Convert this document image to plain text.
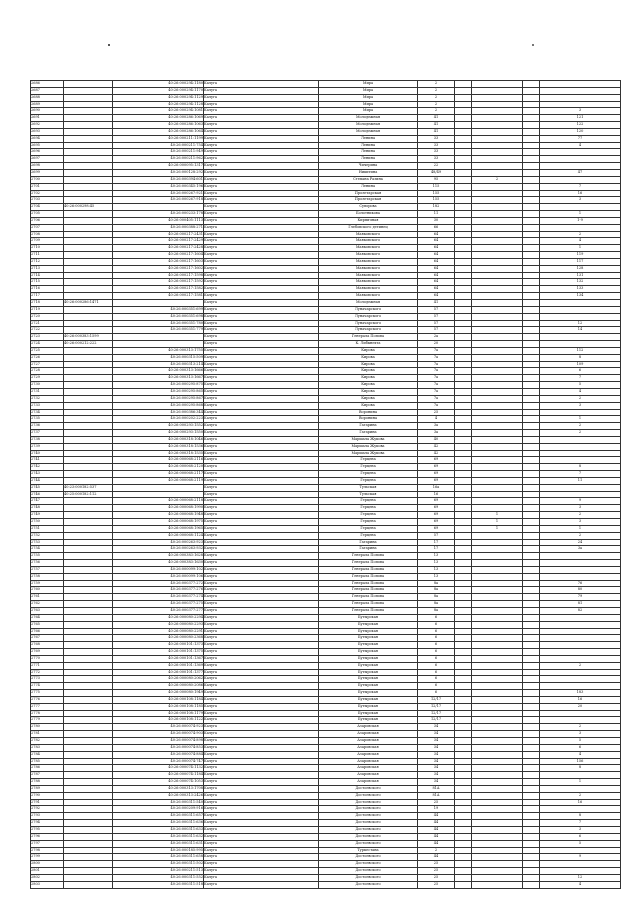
2686		40:26:000294:1180	Калуга	Мира	2				
2687		40:26:000294:1170	Калуга	Мира	2				
2688		40:26:000294:1129	Калуга	Мира	2				
2689		40:26:000294:1128	Калуга	Мира	2				
2690		40:26:000294:1081	Калуга	Мира	2				3
2691		40:26:000286:1069	Калуга	Молодежная	41				121
2692		40:26:000286:1063	Калуга	Молодежная	41				122
2693		40:26:000286:1064	Калуга	Молодежная	41				120
2694		40:26:000211:1199	Калуга	Ленина	33				77
2695		40:26:000211:754	Калуга	Ленина	33				4
2696		40:26:000211:949	Калуга	Ленина	33				
2697		40:26:000211:962	Калуга	Ленина	33				
2698		40:26:000095:1317	Калуга	Чичерина	22				
2699		40:26:000128:292	Калуга	Никитина	48/49				47
2700		40:26:000394:601	Калуга	Степана Разина	95		2		
2701		40:26:000345:196	Калуга	Ленина	115				7
2702		40:26:000267:921	Калуга	Пролетарская	155				16
2703		40:26:000267:918	Калуга	Пролетарская	155				3
2704	40:26:000298:45		Калуга	Суворова	182				
2705		40:26:000233:178	Калуга	Болотникова	11				1
2706		40:26:000405:1113	Калуга	Кирпичная	30				1-9
2707		40:26:000388:271	Калуга	Глебовского детинец	66				
2708		40:26:000217:2431	Калуга	Маяковского	64				2
2709		40:26:000217:2429	Калуга	Маяковского	64				4
2710		40:26:000217:2428	Калуга	Маяковского	64				1
2711		40:26:000217:1604	Калуга	Маяковского	64				119
2712		40:26:000217:1603	Калуга	Маяковского	64				117
2713		40:26:000217:1602	Калуга	Маяковского	64				128
2714		40:26:000217:1598	Калуга	Маяковского	64				131
2715		40:26:000217:1592	Калуга	Маяковского	64				132
2716		40:26:000217:1582	Калуга	Маяковского	64				133
2717		40:26:000217:1581	Калуга	Маяковского	64				134
2718	40:26:000286:1471		Калуга	Молодежная	41				
2719		40:26:000351:699	Калуга	Луначарского	57				
2720		40:26:000351:698	Калуга	Луначарского	57				
2721		40:26:000351:780	Калуга	Луначарского	57				12
2722		40:26:000351:779	Калуга	Луначарского	57				14
2723	40:26:000383:1599		Калуга	Генерала Попова	2а				
2724	40:26:000212:222		Калуга	К. Либкнехта	20				
2725		40:26:000313:1755	Калуга	Кирова	7а				112
2726		40:26:000315:509	Калуга	Кирова	7а				8
2727		40:26:000313:214	Калуга	Кирова	7а				109
2728		40:26:000313:1666	Калуга	Кирова	7а				6
2729		40:26:000313:1667	Калуга	Кирова	7а				7
2730		40:26:000295:875	Калуга	Кирова	7а				5
2731		40:26:000295:865	Калуга	Кирова	7а				4
2732		40:26:000295:867	Калуга	Кирова	7а				2
2733		40:26:000295:868	Калуга	Кирова	7а				3
2734		40:26:000386:344	Калуга	Воронина	25				
2735		40:26:000202:223	Калуга	Воронина	4				1
2736		40:26:000293:1552	Калуга	Гагарина	3а				2
2737		40:26:000293:1550	Калуга	Гагарина	3а				2
2738		40:26:000318:1046	Калуга	Маршала Жукова	40				
2739		40:26:000318:1536	Калуга	Маршала Жукова	42				
2740		40:26:000318:1535	Калуга	Маршала Жукова	42				
2741		40:26:000068:2116	Калуга	Герцена	69				
2742		40:26:000068:2120	Калуга	Герцена	69				8
2743		40:26:000068:2117	Калуга	Герцена	69				7
2744		40:26:000068:2119	Калуга	Герцена	69				11
2745	40:23:000182:537		Калуга	Тульская	16а				
2746	40:25:000182:112		Калуга	Тульская	16				
2747		40:26:000068:2118	Калуга	Герцена	69				9
2748		40:26:000068:1990	Калуга	Герцена	69				3
2749		40:26:000068:1948	Калуга	Герцена	69		1		2
2750		40:26:000068:1975	Калуга	Герцена	69		1		3
2751		40:26:000068:1965	Калуга	Герцена	69		1		1
2752		40:26:000068:1124	Калуга	Герцена	57				2
2753		40:26:000263:923	Калуга	Гагарина	17				24
2754		40:26:000263:932	Калуга	Гагарина	17				3а
2755		40:26:000383:1628	Калуга	Генерала Попова	13				
2756		40:26:000383:1630	Калуга	Генерала Попова	13				
2757		40:26:000099:102	Калуга	Генерала Попова	13				
2758		40:26:000099:106	Калуга	Генерала Попова	13				
2759		40:26:000377:272	Калуга	Генерала Попова	8а				76
2760		40:26:000377:276	Калуга	Генерала Попова	8а				80
2761		40:26:000377:274	Калуга	Генерала Попова	8а				79
2762		40:26:000377:275	Калуга	Генерала Попова	8а				81
2763		40:26:000377:277	Калуга	Генерала Попова	8а				82
2764		40:26:000080:2294	Калуга	Бутырская	6				
2765		40:26:000080:2293	Калуга	Бутырская	6				
2766		40:26:000080:2291	Калуга	Бутырская	6				
2767		40:26:000080:2368	Калуга	Бутырская	6				
2768		40:26:000101:1373	Калуга	Бутырская	6				
2769		40:26:000101:1375	Калуга	Бутырская	6				
2770		40:26:000101:1367	Калуга	Бутырская	6				
2771		40:26:000101:1369	Калуга	Бутырская	6				2
2772		40:26:000101:1377	Калуга	Бутырская	6				
2773		40:26:000080:2062	Калуга	Бутырская	6				
2774		40:26:000080:2086	Калуга	Бутырская	6				
2775		40:26:000080:1949	Калуга	Бутырская	6				183
2776		40:26:000108:1184	Калуга	Бутырская	12/17				16
2777		40:26:000108:1185	Калуга	Бутырская	12/17				20
2778		40:26:000108:1179	Калуга	Бутырская	12/17				
2779		40:26:000108:1122	Калуга	Бутырская	12/17				
2780		40:26:000074:923	Калуга	Азаровская	34				2
2781		40:26:000074:903	Калуга	Азаровская	34				3
2782		40:26:000074:898	Калуга	Азаровская	34				5
2783		40:26:000074:853	Калуга	Азаровская	34				6
2784		40:26:000074:884	Калуга	Азаровская	34				4
2785		40:26:000074:747	Калуга	Азаровская	34				156
2786		40:26:000074:1132	Калуга	Азаровская	34				8
2787		40:26:000074:1184	Калуга	Азаровская	34				
2788		40:26:000074:1053	Калуга	Азаровская	34				1
2789		40:26:000313:1708	Калуга	Достоевского	81А				
2790		40:26:000313:2426	Калуга	Достоевского	81А				2
2791		40:26:000311:540	Калуга	Достоевского	25				16
2792		40:26:000209:916	Калуга	Достоевского	19				
2793		40:26:000311:657	Калуга	Достоевского	44				8
2794		40:26:000311:636	Калуга	Достоевского	44				7
2795		40:26:000311:633	Калуга	Достоевского	44				3
2796		40:26:000311:632	Калуга	Достоевского	44				6
2797		40:26:000311:631	Калуга	Достоевского	44				5
2798		40:26:000185:995	Калуга	Туркестана	2				
2799		40:26:000311:658	Калуга	Достоевского	44				9
2800		40:26:000311:502	Калуга	Достоевского	25				
2801		40:26:000211:513	Калуга	Достоевского	25				
2802		40:26:000311:552	Калуга	Достоевского	25				12
2803		40:26:000311:518	Калуга	Достоевского	25				4
